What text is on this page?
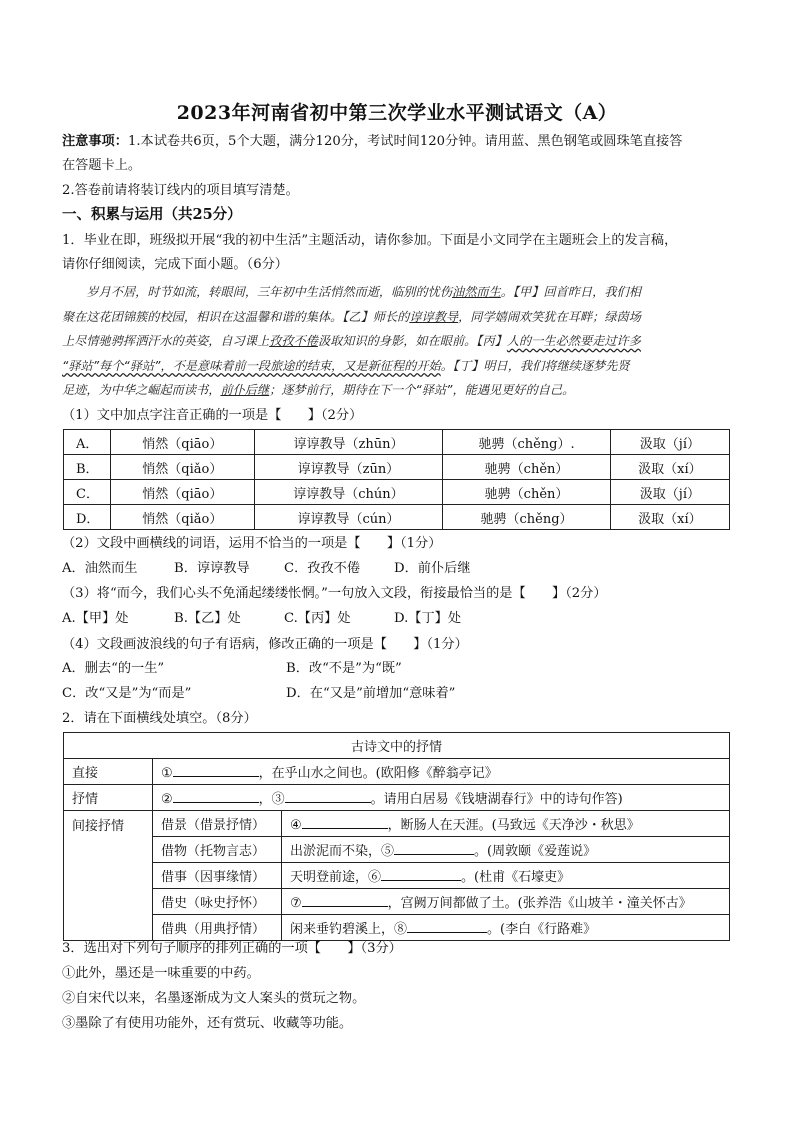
2023年河南省初中第三次学业水平测试语文（A）
注意事项：1.本试卷共6页，5个大题，满分120分，考试时间120分钟。请用蓝、黑色钢笔或圆珠笔直接答
在答题卡上。
2.答卷前请将装订线内的项目填写清楚。
一、积累与运用（共25分）
1．毕业在即，班级拟开展“我的初中生活”主题活动，请你参加。下面是小文同学在主题班会上的发言稿，
请你仔细阅读，完成下面小题。（6分）

岁月不居，时节如流，转眼间，三年初中生活悄然而逝，临别的忧伤油然而生。【甲】回首昨日，我们相

聚在这花团锦簇的校园，相识在这温馨和谐的集体。【乙】师长的谆谆教导，同学嬉闹欢笑犹在耳畔；绿茵场

上尽情驰骋挥洒汗水的英姿，自习课上孜孜不倦汲取知识的身影，如在眼前。【丙】人的一生必然要走过许多

“驿站”每个“驿站”，不是意味着前一段旅途的结束，又是新征程的开始。【丁】明日，我们将继续逐梦先贤

足迹，为中华之崛起而读书，前仆后继；逐梦前行，期待在下一个“驿站”，能遇见更好的自己。

（1）文中加点字注音正确的一项是【　　】（2分）
A．	悄然（qiāo）	谆谆教导（zhūn）	驰骋（chěng）.	汲取（jí）
B．	悄然（qiǎo）	谆谆教导（zūn）	驰骋（chěn）	汲取（xí）
C．	悄然（qiāo）	谆谆教导（chún）	驰骋（chěn）	汲取（jí）
D．	悄然（qiǎo）	谆谆教导（cún）	驰骋（chěng）	汲取（xí）
（2）文段中画横线的词语，运用不恰当的一项是【　　】（1分）
A．油然而生	B．谆谆教导	C．孜孜不倦	D．前仆后继
（3）将“而今，我们心头不免涌起缕缕怅惘。”一句放入文段，衔接最恰当的是【　　】（2分）
A.【甲】处	B.【乙】处	C.【丙】处	D.【丁】处
（4）文段画波浪线的句子有语病，修改正确的一项是【　　】（1分）
A．删去“的一生”	B．改“不是”为“既”
C．改“又是”为“而是”	D．在“又是”前增加“意味着”
2．请在下面横线处填空。（8分）
古诗文中的抒情		
直接	① ，在乎山水之间也。(欧阳修《醉翁亭记》	
抒情	② ，③ 。请用白居易《钱塘湖春行》中的诗句作答)	
间接抒情	借景（借景抒情）	④ ，断肠人在天涯。(马致远《天净沙・秋思》
	借物（托物言志）	出淤泥而不染，⑤ 。(周敦颐《爱莲说》
	借事（因事缘情）	天明登前途，⑥ 。(杜甫《石壕吏》
	借史（咏史抒怀）	⑦ ，宫阙万间都做了土。(张养浩《山坡羊・潼关怀古》
	借典（用典抒情）	闲来垂钓碧溪上，⑧ 。(李白《行路难》
3．选出对下列句子顺序的排列正确的一项【　　】（3分）
①此外，墨还是一味重要的中药。
②自宋代以来，名墨逐渐成为文人案头的赏玩之物。
③墨除了有使用功能外，还有赏玩、收藏等功能。
